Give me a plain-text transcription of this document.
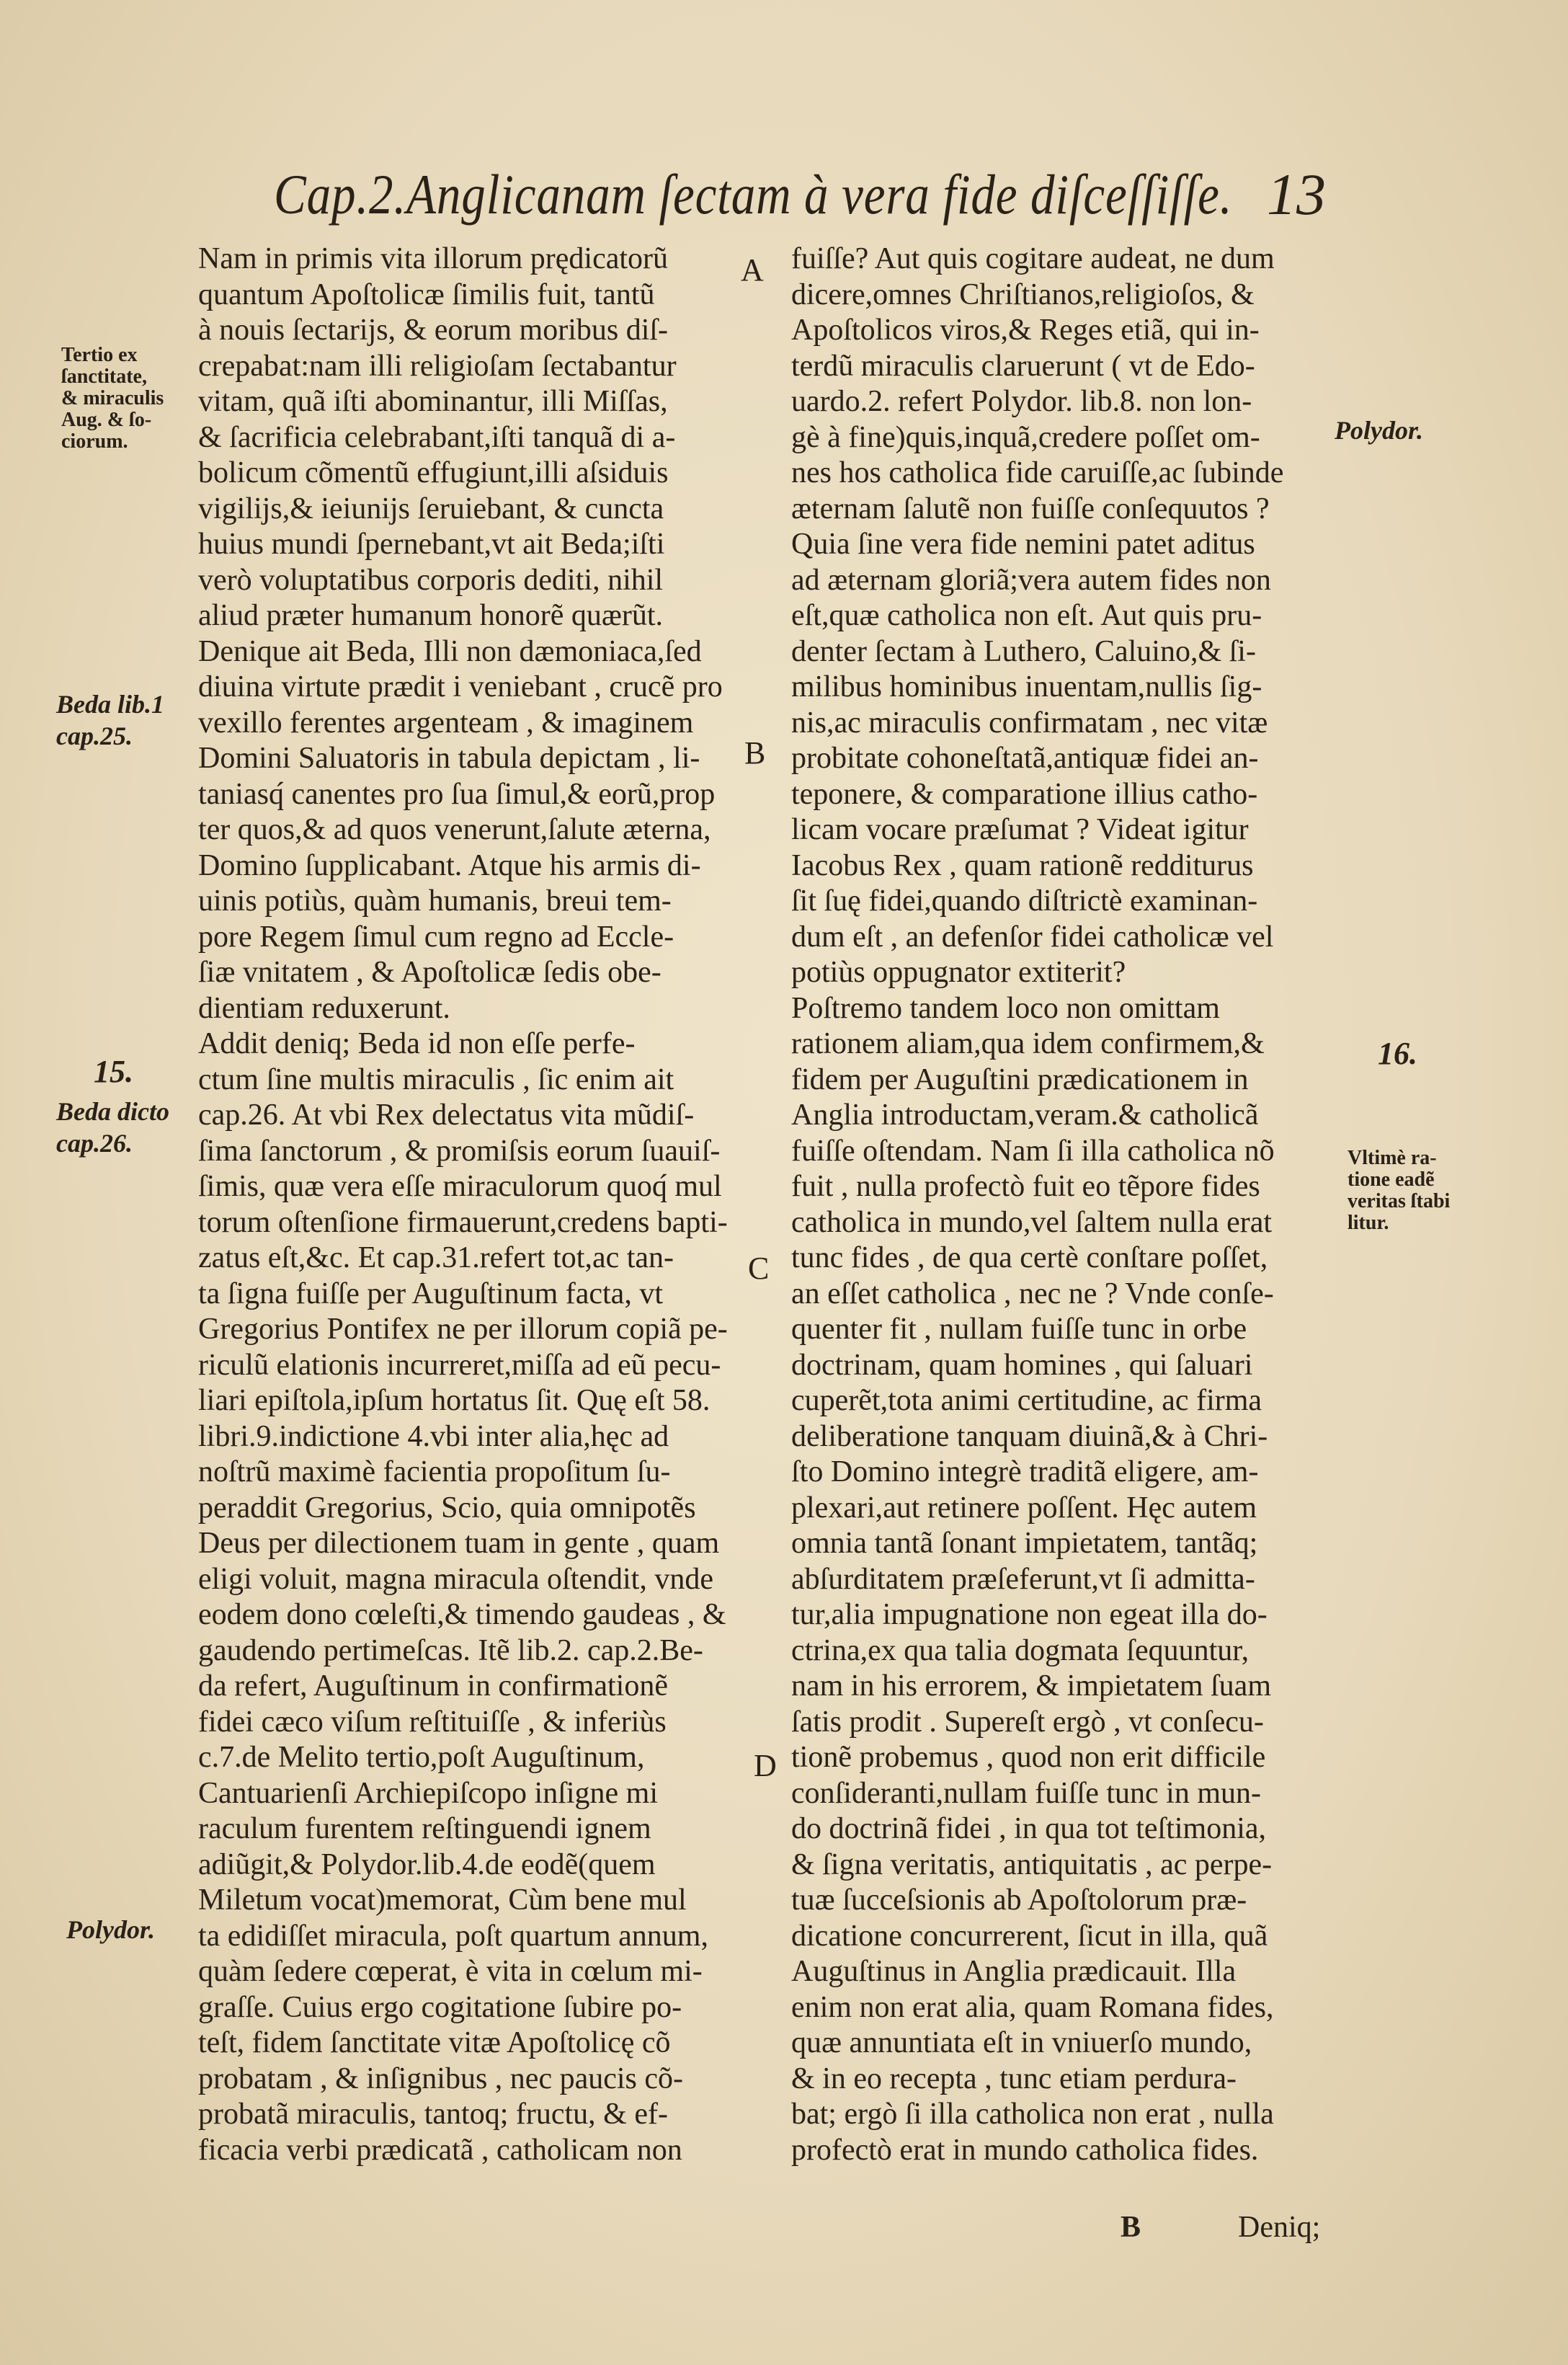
Cap.2.Anglicanam ſectam à vera fide diſceſſiſſe. 13
Nam in primis vita illorum prędicatorũ
quantum Apoſtolicæ ſimilis fuit, tantũ
à nouis ſectarijs, & eorum moribus diſ-
crepabat:nam illi religioſam ſectabantur
vitam, quã iſti abominantur, illi Miſſas,
& ſacrificia celebrabant,iſti tanquã di a-
bolicum cõmentũ effugiunt,illi aſsiduis
vigilijs,& ieiunijs ſeruiebant, & cuncta
huius mundi ſpernebant,vt ait Beda;iſti
verò voluptatibus corporis dediti, nihil
aliud præter humanum honorẽ quærũt.
Denique ait Beda, Illi non dæmoniaca,ſed
diuina virtute prædit i veniebant , crucẽ pro
vexillo ferentes argenteam , & imaginem
Domini Saluatoris in tabula depictam , li-
taniasq́ canentes pro ſua ſimul,& eorũ,prop
ter quos,& ad quos venerunt,ſalute æterna,
Domino ſupplicabant. Atque his armis di-
uinis potiùs, quàm humanis, breui tem-
pore Regem ſimul cum regno ad Eccle-
ſiæ vnitatem , & Apoſtolicæ ſedis obe-
dientiam reduxerunt.
Addit deniq; Beda id non eſſe perfe-
ctum ſine multis miraculis , ſic enim ait
cap.26. At vbi Rex delectatus vita mũdiſ-
ſima ſanctorum , & promiſsis eorum ſuauiſ-
ſimis, quæ vera eſſe miraculorum quoq́ mul
torum oſtenſione firmauerunt,credens bapti-
zatus eſt,&c. Et cap.31.refert tot,ac tan-
ta ſigna fuiſſe per Auguſtinum facta, vt
Gregorius Pontifex ne per illorum copiã pe-
riculũ elationis incurreret,miſſa ad eũ pecu-
liari epiſtola,ipſum hortatus ſit. Quę eſt 58.
libri.9.indictione 4.vbi inter alia,hęc ad
noſtrũ maximè facientia propoſitum ſu-
peraddit Gregorius, Scio, quia omnipotẽs
Deus per dilectionem tuam in gente , quam
eligi voluit, magna miracula oſtendit, vnde
eodem dono cœleſti,& timendo gaudeas , &
gaudendo pertimeſcas. Itẽ lib.2. cap.2.Be-
da refert, Auguſtinum in confirmationẽ
fidei cæco viſum reſtituiſſe , & inferiùs
c.7.de Melito tertio,poſt Auguſtinum,
Cantuarienſi Archiepiſcopo inſigne mi
raculum furentem reſtinguendi ignem
adiũgit,& Polydor.lib.4.de eodẽ(quem
Miletum vocat)memorat, Cùm bene mul
ta edidiſſet miracula, poſt quartum annum,
quàm ſedere cœperat, è vita in cœlum mi-
graſſe. Cuius ergo cogitatione ſubire po-
teſt, fidem ſanctitate vitæ Apoſtolicę cõ
probatam , & inſignibus , nec paucis cõ-
probatã miraculis, tantoq; fructu, & ef-
ficacia verbi prædicatã , catholicam non
fuiſſe? Aut quis cogitare audeat, ne dum
dicere,omnes Chriſtianos,religioſos, &
Apoſtolicos viros,& Reges etiã, qui in-
terdũ miraculis claruerunt ( vt de Edo-
uardo.2. refert Polydor. lib.8. non lon-
gè à fine)quis,inquã,credere poſſet om-
nes hos catholica fide caruiſſe,ac ſubinde
æternam ſalutẽ non fuiſſe conſequutos ?
Quia ſine vera fide nemini patet aditus
ad æternam gloriã;vera autem fides non
eſt,quæ catholica non eſt. Aut quis pru-
denter ſectam à Luthero, Caluino,& ſi-
milibus hominibus inuentam,nullis ſig-
nis,ac miraculis confirmatam , nec vitæ
probitate cohoneſtatã,antiquæ fidei an-
teponere, & comparatione illius catho-
licam vocare præſumat ? Videat igitur
Iacobus Rex , quam rationẽ redditurus
ſit ſuę fidei,quando diſtrictè examinan-
dum eſt , an defenſor fidei catholicæ vel
potiùs oppugnator extiterit?
Poſtremo tandem loco non omittam
rationem aliam,qua idem confirmem,&
fidem per Auguſtini prædicationem in
Anglia introductam,veram.& catholicã
fuiſſe oſtendam. Nam ſi illa catholica nõ
fuit , nulla profectò fuit eo tẽpore fides
catholica in mundo,vel ſaltem nulla erat
tunc fides , de qua certè conſtare poſſet,
an eſſet catholica , nec ne ? Vnde conſe-
quenter fit , nullam fuiſſe tunc in orbe
doctrinam, quam homines , qui ſaluari
cuperẽt,tota animi certitudine, ac firma
deliberatione tanquam diuinã,& à Chri-
ſto Domino integrè traditã eligere, am-
plexari,aut retinere poſſent. Hęc autem
omnia tantã ſonant impietatem, tantãq;
abſurditatem præſeferunt,vt ſi admitta-
tur,alia impugnatione non egeat illa do-
ctrina,ex qua talia dogmata ſequuntur,
nam in his errorem, & impietatem ſuam
ſatis prodit . Supereſt ergò , vt conſecu-
tionẽ probemus , quod non erit difficile
conſideranti,nullam fuiſſe tunc in mun-
do doctrinã fidei , in qua tot teſtimonia,
& ſigna veritatis, antiquitatis , ac perpe-
tuæ ſucceſsionis ab Apoſtolorum præ-
dicatione concurrerent, ſicut in illa, quã
Auguſtinus in Anglia prædicauit. Illa
enim non erat alia, quam Romana fides,
quæ annuntiata eſt in vniuerſo mundo,
& in eo recepta , tunc etiam perdura-
bat; ergò ſi illa catholica non erat , nulla
profectò erat in mundo catholica fides.
Tertio ex
ſanctitate,
& miraculis
Aug. & ſo-
ciorum.
Beda lib.1
cap.25.
15.
Beda dicto
cap.26.
Polydor.
Polydor.
16.
Vltimè ra-
tione eadẽ
veritas ſtabi
litur.
A
B
C
D
B	Deniq;
